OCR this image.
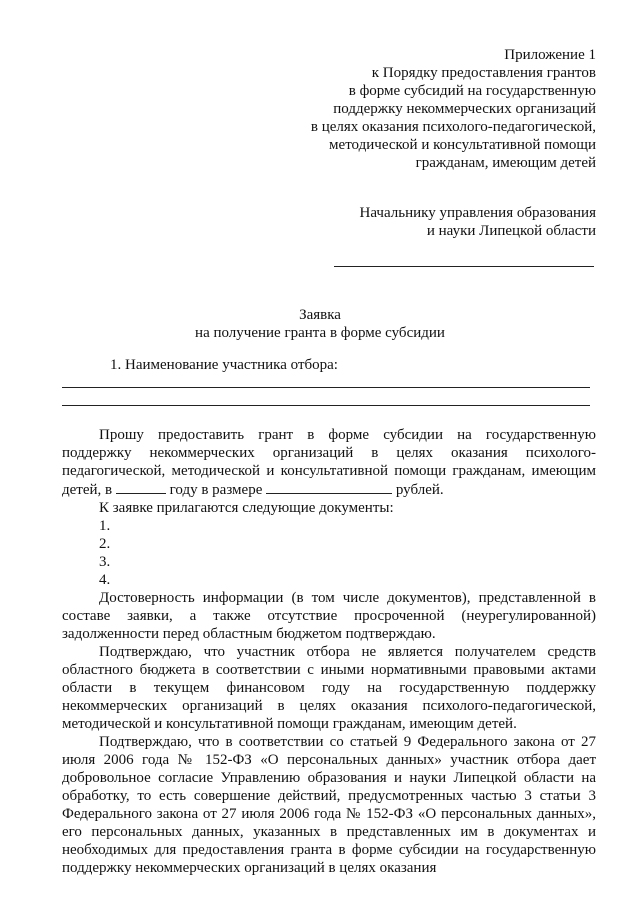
Приложение 1
к Порядку предоставления грантов
в форме субсидий на государственную
поддержку некоммерческих организаций
в целях оказания психолого-педагогической,
методической и консультативной помощи
гражданам, имеющим детей
Начальнику управления образования
и науки Липецкой области
Заявка
на получение гранта в форме субсидии
1. Наименование участника отбора:

Прошу предоставить грант в форме субсидии на государственную поддержку некоммерческих организаций в целях оказания психолого-педагогической, методической и консультативной помощи гражданам, имеющим детей, в	году в размере	рублей.

К заявке прилагаются следующие документы:

1.

2.

3.

4.

Достоверность информации (в том числе документов), представленной в составе заявки, а также отсутствие просроченной (неурегулированной) задолженности перед областным бюджетом подтверждаю.

Подтверждаю, что участник отбора не является получателем средств областного бюджета в соответствии с иными нормативными правовыми актами области в текущем финансовом году на государственную поддержку некоммерческих организаций в целях оказания психолого-педагогической, методической и консультативной помощи гражданам, имеющим детей.

Подтверждаю, что в соответствии со статьей 9 Федерального закона от 27 июля 2006 года № 152-ФЗ «О персональных данных» участник отбора дает добровольное согласие Управлению образования и науки Липецкой области на обработку, то есть совершение действий, предусмотренных частью 3 статьи 3 Федерального закона от 27 июля 2006 года № 152-ФЗ «О персональных данных», его персональных данных, указанных в представленных им в документах и необходимых для предоставления гранта в форме субсидии на государственную поддержку некоммерческих организаций в целях оказания
